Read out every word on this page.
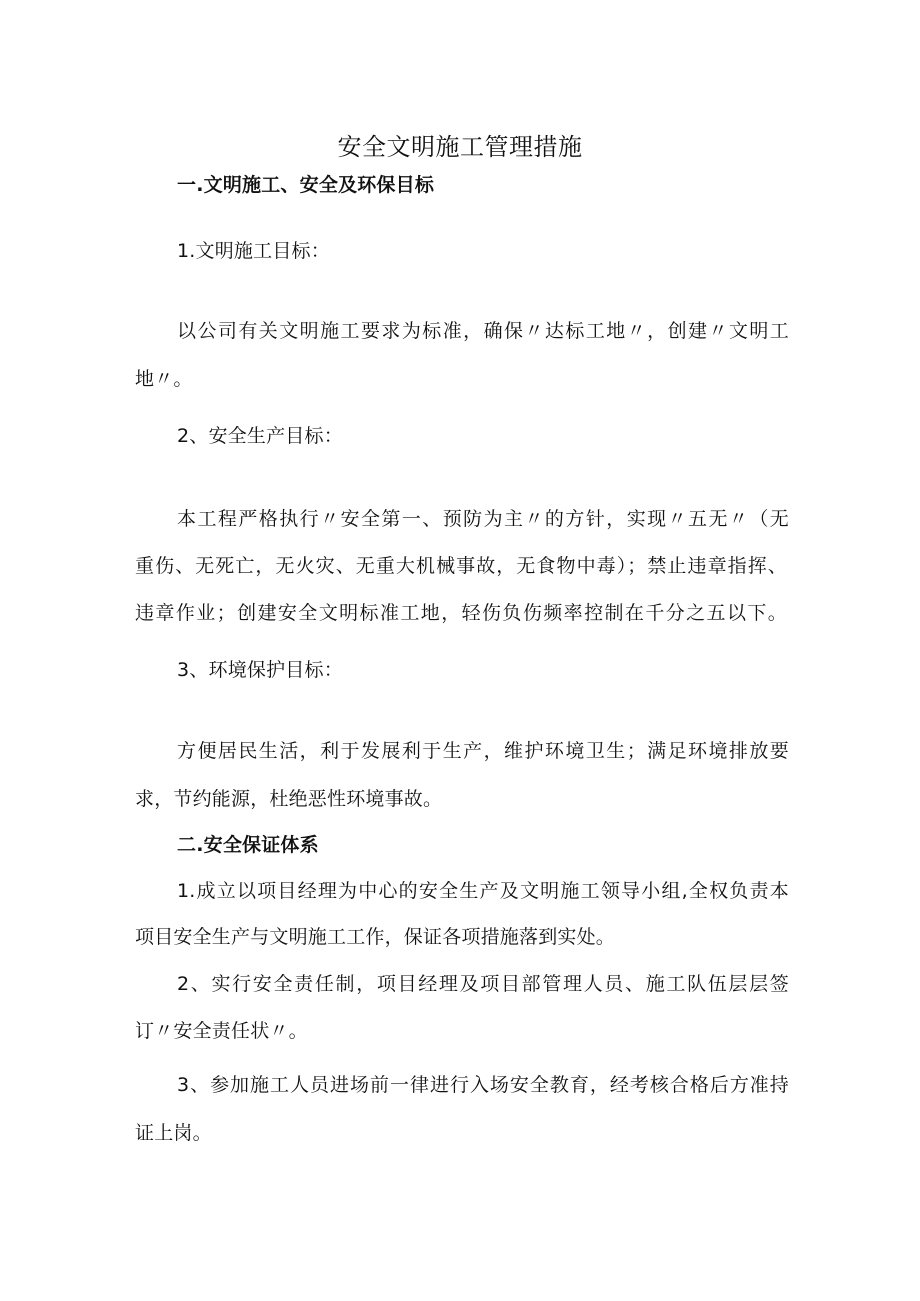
安全文明施工管理措施
一.文明施工、安全及环保目标
1.文明施工目标：
以公司有关文明施工要求为标准，确保〃达标工地〃，创建〃文明工
地〃。
2、安全生产目标：
本工程严格执行〃安全第一、预防为主〃的方针，实现〃五无〃（无
重伤、无死亡，无火灾、无重大机械事故，无食物中毒）；禁止违章指挥、
违章作业；创建安全文明标准工地，轻伤负伤频率控制在千分之五以下。
3、环境保护目标：
方便居民生活，利于发展利于生产，维护环境卫生；满足环境排放要
求，节约能源，杜绝恶性环境事故。
二.安全保证体系
1.成立以项目经理为中心的安全生产及文明施工领导小组,全权负责本
项目安全生产与文明施工工作，保证各项措施落到实处。
2、实行安全责任制，项目经理及项目部管理人员、施工队伍层层签
订〃安全责任状〃。
3、参加施工人员进场前一律进行入场安全教育，经考核合格后方准持
证上岗。
